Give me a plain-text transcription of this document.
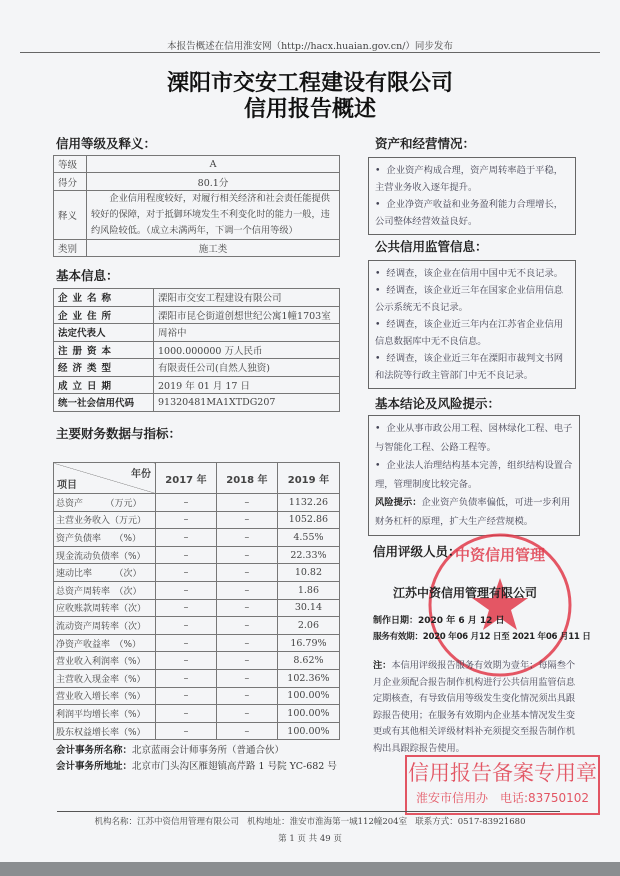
本报告概述在信用淮安网（http://hacx.huaian.gov.cn/）同步发布
溧阳市交安工程建设有限公司
信用报告概述
信用等级及释义：
等级	A
得分	80.1分
释义	企业信用程度较好，对履行相关经济和社会责任能提供较好的保障，对于抵御环境发生不利变化时的能力一般，违约风险较低。（成立未满两年，下调一个信用等级）
类别	施工类
基本信息：
企业名称	溧阳市交安工程建设有限公司
企业住所	溧阳市昆仑街道创想世纪公寓1幢1703室
法定代表人	周裕中
注册资本	1000.000000 万人民币
经济类型	有限责任公司(自然人独资)
成立日期	2019 年 01 月 17 日
统一社会信用代码	91320481MA1XTDG207
主要财务数据与指标：
年份
项目	2017 年	2018 年	2019 年
总资产　　　（万元）	–	–	1132.26
主营业务收入（万元）	–	–	1052.86
资产负债率　　（%）	–	–	4.55%
现金流动负债率（%）	–	–	22.33%
速动比率　　　（次）	–	–	10.82
总资产周转率　（次）	–	–	1.86
应收账款周转率（次）	–	–	30.14
流动资产周转率（次）	–	–	2.06
净资产收益率　（%）	–	–	16.79%
营业收入利润率（%）	–	–	8.62%
主营收入现金率（%）	–	–	102.36%
营业收入增长率（%）	–	–	100.00%
利润平均增长率（%）	–	–	100.00%
股东权益增长率（%）	–	–	100.00%
会计事务所名称：北京蓝雨会计师事务所（普通合伙）
会计事务所地址：北京市门头沟区雁翅镇高芹路 1 号院 YC-682 号
资产和经营情况：

•  企业资产构成合理，资产周转率趋于平稳，主营业务收入逐年提升。

•  企业净资产收益和业务盈利能力合理增长，公司整体经营效益良好。

公共信用监管信息：

•  经调查，该企业在信用中国中无不良记录。

•  经调查，该企业近三年在国家企业信用信息公示系统无不良记录。

•  经调查，该企业近三年内在江苏省企业信用信息数据库中无不良信息。

•  经调查，该企业近三年在溧阳市裁判文书网和法院等行政主管部门中无不良记录。

基本结论及风险提示：

•  企业从事市政公用工程、园林绿化工程、电子与智能化工程、公路工程等。

•  企业法人治理结构基本完善，组织结构设置合理，管理制度比较完备。

风险提示：企业资产负债率偏低，可进一步利用财务杠杆的原理，扩大生产经营规模。

中资信用管理
信用评级人员：
江苏中资信用管理有限公司
制作日期：2020 年 6 月 12 日
服务有效期：2020 年06 月12 日至 2021 年06 月11 日
注：本信用评级报告服务有效期为壹年；每隔叁个月企业须配合报告制作机构进行公共信用监管信息定期核查，有导致信用等级发生变化情况须出具跟踪报告使用；在服务有效期内企业基本情况发生变更或有其他相关评级材料补充须提交至报告制作机构出具跟踪报告使用。
信用报告备案专用章
淮安市信用办　电话:83750102
机构名称：江苏中资信用管理有限公司 机构地址：淮安市淮海第一城112幢204室 联系方式：0517-83921680
第 1 页 共 49 页
